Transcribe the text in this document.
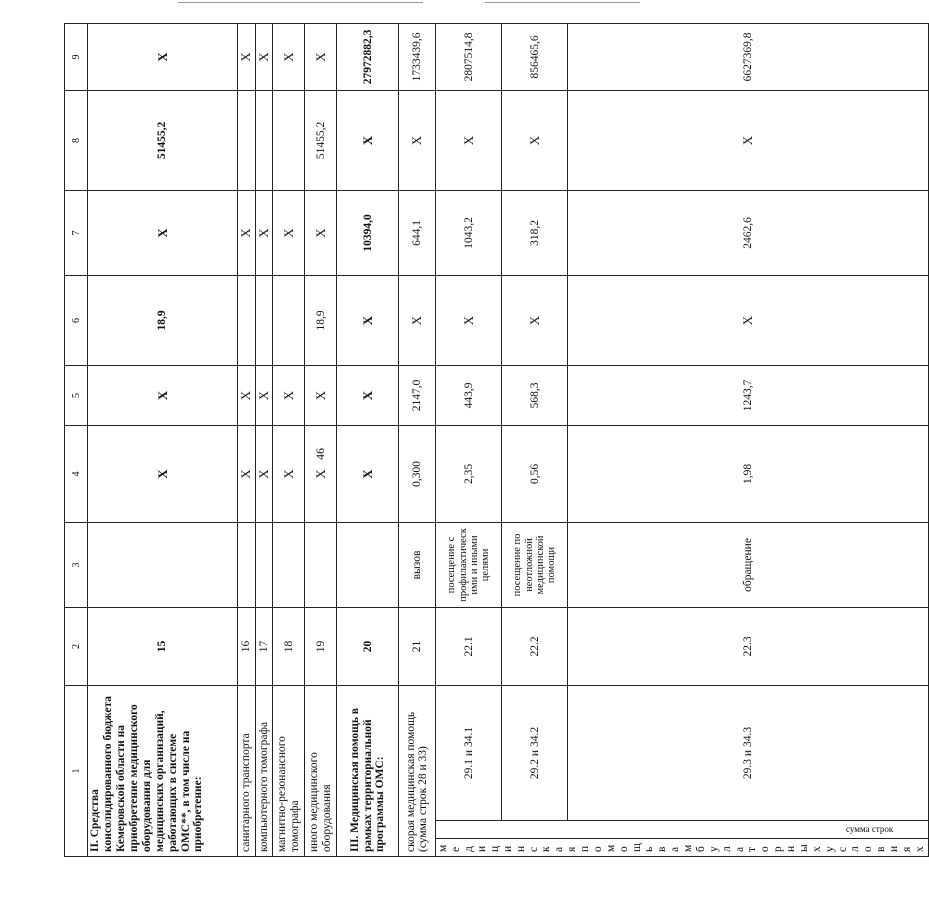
46
1			2	3	4	5	6	7	8	9	
II. Средства консолидированного бюджета Кемеровской области на приобретение медицинского оборудования для медицинских организаций, работающих в системе ОМС**, в том числе на приобретение:			15		X	X	18,9	X	51455,2	X	
санитарного транспорта			16		X	X		X		X	
компьютерного томографа			17		X	X		X		X	
магнитно-резонансного томографа			18		X	X		X		X	
иного медицинского оборудования			19		X	X	18,9	X	51455,2	X	
III. Медицинская помощь в рамках территориальной программы ОМС:			20		X	X	X	10394,0	X	27972882,3	
скорая медицинская помощь (сумма строк 28 и 33)			21	вызов	0,300	2147,0	X	644,1	X	1733439,6	
медицинская помощь в амбулаторных условиях	сумма строк	29.1 и 34.1	22.1	посещение с профилактическими и иными целями	2,35	443,9	X	1043,2	X	2807514,8	
		29.2 и 34.2	22.2	посещение по неотложной медицинской помощи	0,56	568,3	X	318,2	X	856465,6	
		29.3 и 34.3	22.3	обращение	1,98	1243,7	X	2462,6	X	6627369,8	
